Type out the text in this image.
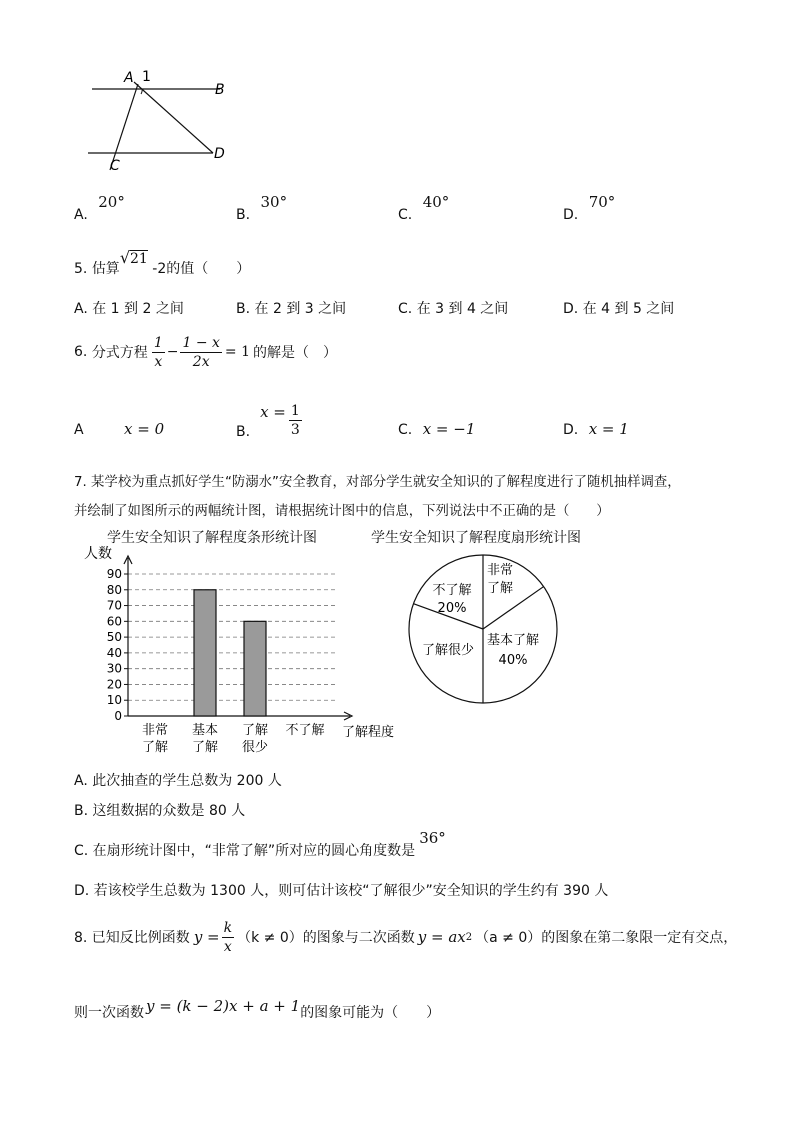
A 1
B
C
D
A. 20°
B. 30°
C. 40°
D. 70°
5. 估算√21 -2的值（　　）
A. 在 1 到 2 之间	B. 在 2 到 3 之间	C. 在 3 到 4 之间	D. 在 4 到 5 之间
6.
分式方程 $\frac{1}{x} - \frac{1 - x}{2x} = 1$ 的解是（　）
A	x = 0	B.
$x = \frac{1}{3}$	C. x = −1	D. x = 1
7. 某学校为重点抓好学生“防溺水”安全教育，对部分学生就安全知识的了解程度进行了随机抽样调查，
并绘制了如图所示的两幅统计图，请根据统计图中的信息，下列说法中不正确的是（　　）
学生安全知识了解程度条形统计图	学生安全知识了解程度扇形统计图
人数
0
10
20
30
40
50
60
70
80
90
了解程度
非常
了解
基本
了解
了解
很少
不了解
非常
了解
基本了解
40%
了解很少
不了解
20%
A. 此次抽查的学生总数为 200 人
B. 这组数据的众数是 80 人
C. 在扇形统计图中，“非常了解”所对应的圆心角度数是36°
D. 若该校学生总数为 1300 人，则可估计该校“了解很少”安全知识的学生约有 390 人
8. 已知反比例函数 $y = \frac{k}{x} (k \ne 0)$的图象与二次函数 y = ax 2 （a ≠ 0）的图象在第二象限一定有交点，
则一次函数 y = (k − 2)x + a + 1 的图象可能为（　　）
